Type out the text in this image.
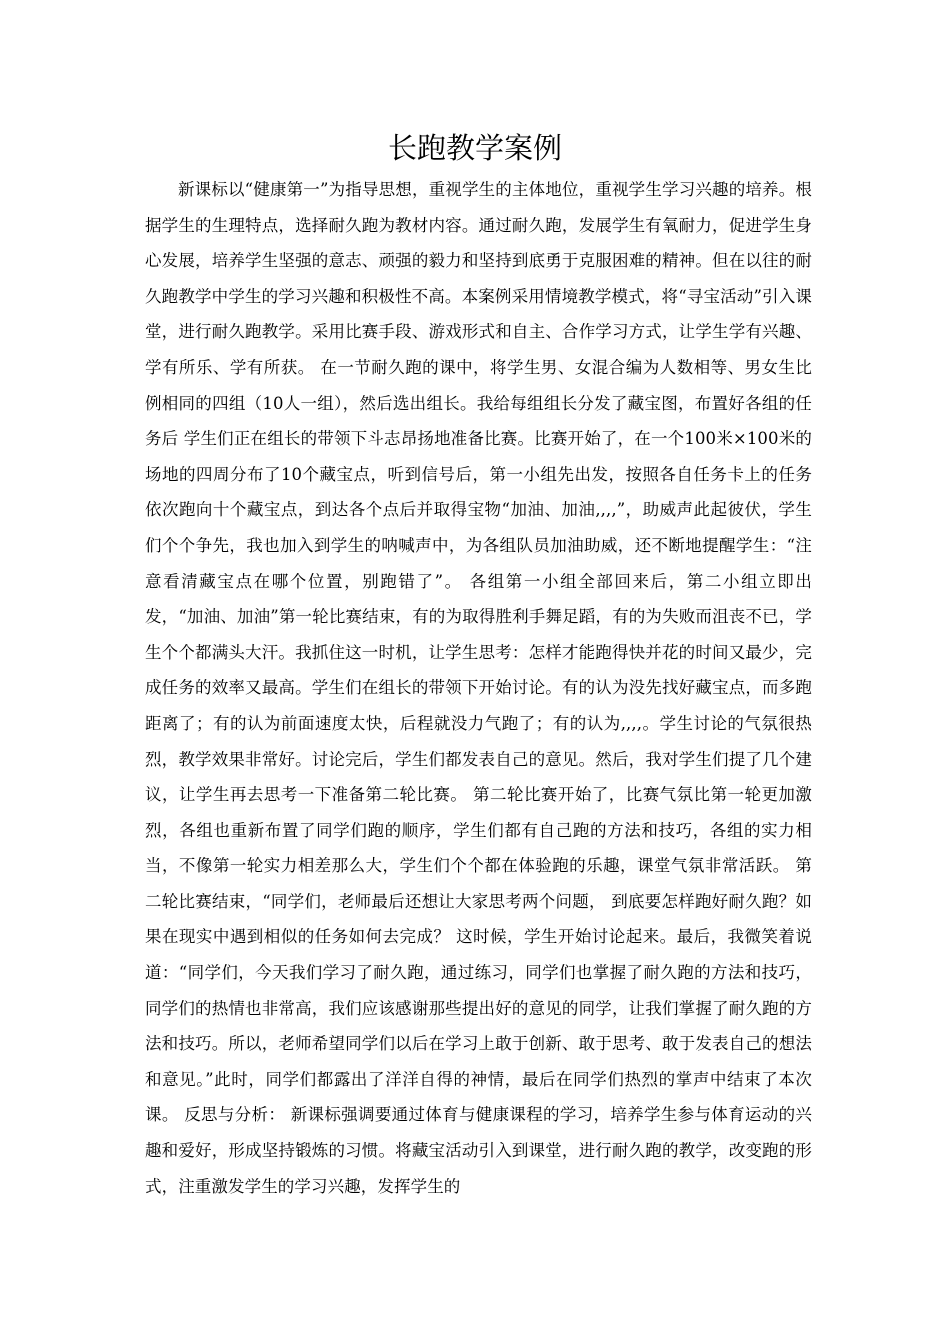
长跑教学案例

新课标以“健康第一”为指导思想，重视学生的主体地位，重视学生学习兴趣的培养。根据学生的生理特点，选择耐久跑为教材内容。通过耐久跑，发展学生有氧耐力，促进学生身心发展，培养学生坚强的意志、顽强的毅力和坚持到底勇于克服困难的精神。但在以往的耐久跑教学中学生的学习兴趣和积极性不高。本案例采用情境教学模式，将“寻宝活动”引入课堂，进行耐久跑教学。采用比赛手段、游戏形式和自主、合作学习方式，让学生学有兴趣、学有所乐、学有所获。 在一节耐久跑的课中，将学生男、女混合编为人数相等、男女生比例相同的四组（10人一组），然后选出组长。我给每组组长分发了藏宝图，布置好各组的任务后 学生们正在组长的带领下斗志昂扬地准备比赛。比赛开始了，在一个100米×100米的场地的四周分布了10个藏宝点，听到信号后，第一小组先出发，按照各自任务卡上的任务依次跑向十个藏宝点，到达各个点后并取得宝物“加油、加油,,,,”，助威声此起彼伏，学生们个个争先，我也加入到学生的呐喊声中，为各组队员加油助威，还不断地提醒学生：“注意看清藏宝点在哪个位置，别跑错了”。 各组第一小组全部回来后，第二小组立即出发，“加油、加油”第一轮比赛结束，有的为取得胜利手舞足蹈，有的为失败而沮丧不已，学生个个都满头大汗。我抓住这一时机，让学生思考：怎样才能跑得快并花的时间又最少，完成任务的效率又最高。学生们在组长的带领下开始讨论。有的认为没先找好藏宝点，而多跑距离了；有的认为前面速度太快，后程就没力气跑了；有的认为,,,,。学生讨论的气氛很热烈，教学效果非常好。讨论完后，学生们都发表自己的意见。然后，我对学生们提了几个建议，让学生再去思考一下准备第二轮比赛。 第二轮比赛开始了，比赛气氛比第一轮更加激烈，各组也重新布置了同学们跑的顺序，学生们都有自己跑的方法和技巧，各组的实力相当，不像第一轮实力相差那么大，学生们个个都在体验跑的乐趣，课堂气氛非常活跃。 第二轮比赛结束，“同学们，老师最后还想让大家思考两个问题， 到底要怎样跑好耐久跑？如果在现实中遇到相似的任务如何去完成？ 这时候，学生开始讨论起来。最后，我微笑着说道：“同学们，今天我们学习了耐久跑，通过练习，同学们也掌握了耐久跑的方法和技巧，同学们的热情也非常高，我们应该感谢那些提出好的意见的同学，让我们掌握了耐久跑的方法和技巧。所以，老师希望同学们以后在学习上敢于创新、敢于思考、敢于发表自己的想法和意见。”此时，同学们都露出了洋洋自得的神情，最后在同学们热烈的掌声中结束了本次课。 反思与分析： 新课标强调要通过体育与健康课程的学习，培养学生参与体育运动的兴趣和爱好，形成坚持锻炼的习惯。将藏宝活动引入到课堂，进行耐久跑的教学，改变跑的形式，注重激发学生的学习兴趣，发挥学生的
